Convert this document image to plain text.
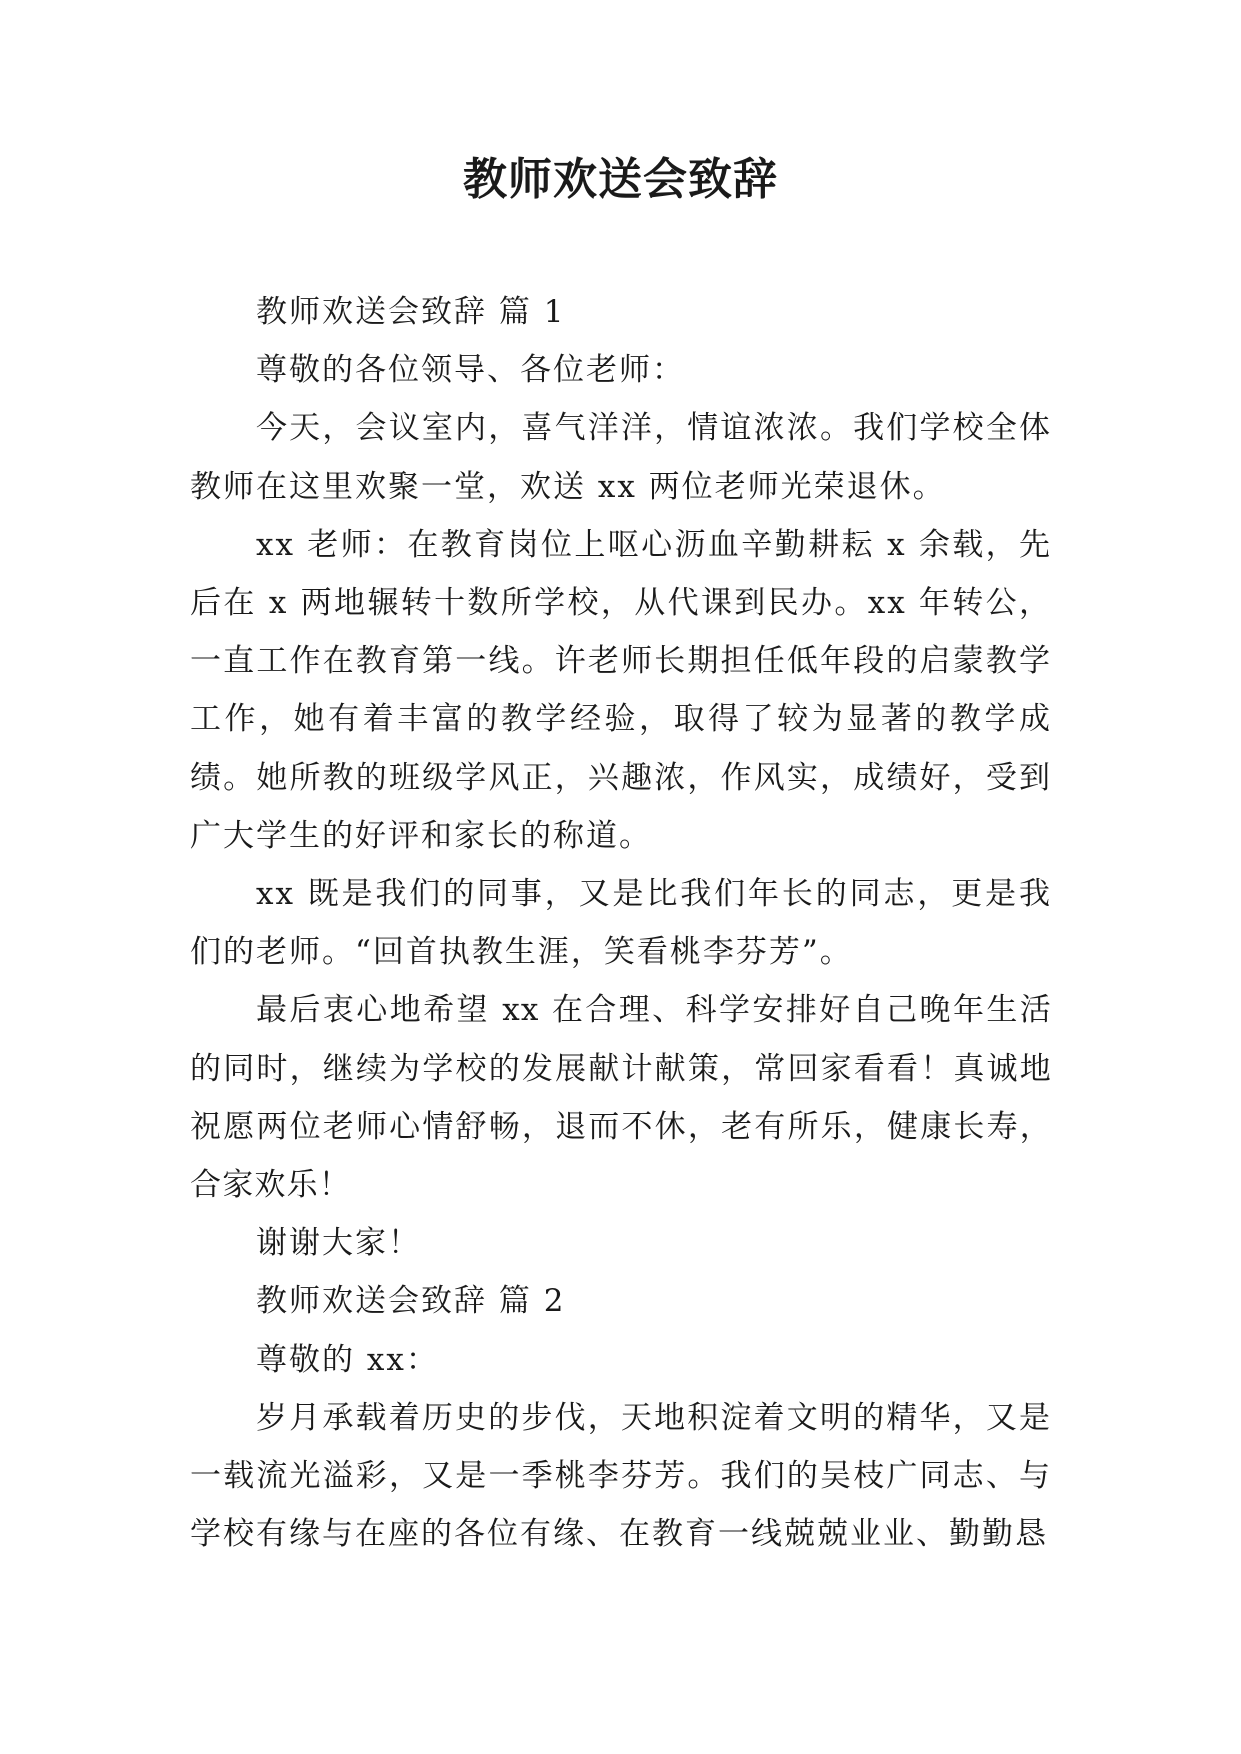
教师欢送会致辞

教师欢送会致辞 篇 1

尊敬的各位领导、各位老师：

今天，会议室内，喜气洋洋，情谊浓浓。我们学校全体教师在这里欢聚一堂，欢送 xx 两位老师光荣退休。

xx 老师：在教育岗位上呕心沥血辛勤耕耘 x 余载，先后在 x 两地辗转十数所学校，从代课到民办。xx 年转公，一直工作在教育第一线。许老师长期担任低年段的启蒙教学工作，她有着丰富的教学经验，取得了较为显著的教学成绩。她所教的班级学风正，兴趣浓，作风实，成绩好，受到广大学生的好评和家长的称道。

xx 既是我们的同事，又是比我们年长的同志，更是我们的老师。“回首执教生涯，笑看桃李芬芳”。

最后衷心地希望 xx 在合理、科学安排好自己晚年生活的同时，继续为学校的发展献计献策，常回家看看！真诚地祝愿两位老师心情舒畅，退而不休，老有所乐，健康长寿，合家欢乐！

谢谢大家！

教师欢送会致辞 篇 2

尊敬的 xx：

岁月承载着历史的步伐，天地积淀着文明的精华，又是一载流光溢彩，又是一季桃李芬芳。我们的吴枝广同志、与学校有缘与在座的各位有缘、在教育一线兢兢业业、勤勤恳
